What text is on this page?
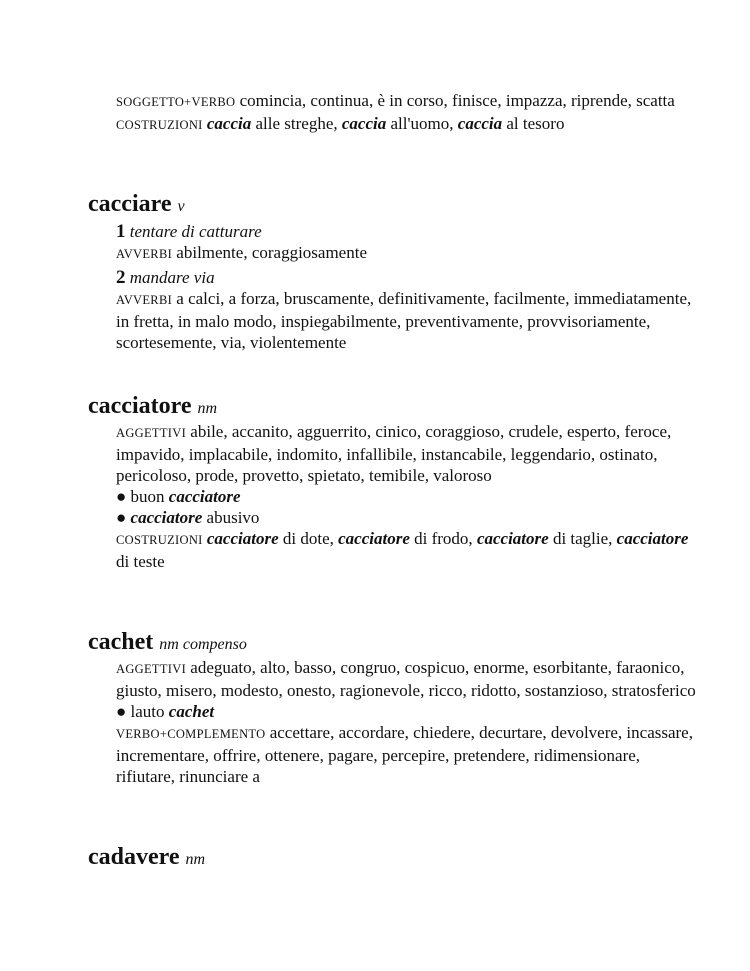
SOGGETTO+VERBO comincia, continua, è in corso, finisce, impazza, riprende, scatta

COSTRUZIONI caccia alle streghe, caccia all'uomo, caccia al tesoro

cacciare v

1 tentare di catturare

AVVERBI abilmente, coraggiosamente

2 mandare via

AVVERBI a calci, a forza, bruscamente, definitivamente, facilmente, immediatamente, in fretta, in malo modo, inspiegabilmente, preventivamente, provvisoriamente, scortesemente, via, violentemente

cacciatore nm

AGGETTIVI abile, accanito, agguerrito, cinico, coraggioso, crudele, esperto, feroce, impavido, implacabile, indomito, infallibile, instancabile, leggendario, ostinato, pericoloso, prode, provetto, spietato, temibile, valoroso

● buon cacciatore

● cacciatore abusivo

COSTRUZIONI cacciatore di dote, cacciatore di frodo, cacciatore di taglie, cacciatore di teste

cachet nm compenso

AGGETTIVI adeguato, alto, basso, congruo, cospicuo, enorme, esorbitante, faraonico, giusto, misero, modesto, onesto, ragionevole, ricco, ridotto, sostanzioso, stratosferico

● lauto cachet

VERBO+COMPLEMENTO accettare, accordare, chiedere, decurtare, devolvere, incassare, incrementare, offrire, ottenere, pagare, percepire, pretendere, ridimensionare, rifiutare, rinunciare a

cadavere nm
